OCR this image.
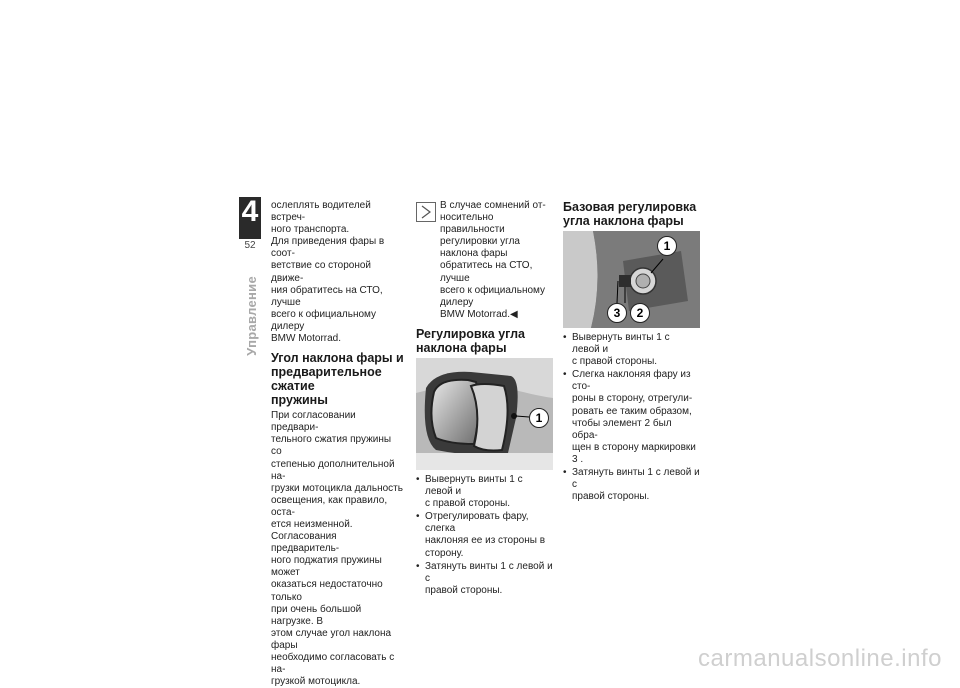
4
52
Управление

ослеплять водителей встреч-
ного транспорта.
Для приведения фары в соот-
ветствие со стороной движе-
ния обратитесь на СТО, лучше
всего к официальному дилеру
BMW Motorrad.

Угол наклона фары и
предварительное сжатие
пружины

При согласовании предвари-
тельного сжатия пружины со
степенью дополнительной на-
грузки мотоцикла дальность
освещения, как правило, оста-
ется неизменной.
Согласования предваритель-
ного поджатия пружины может
оказаться недостаточно только
при очень большой нагрузке. В
этом случае угол наклона фары
необходимо согласовать с на-
грузкой мотоцикла.

В случае сомнений от-
носительно правильности
регулировки угла наклона фары
обратитесь на СТО, лучше
всего к официальному дилеру
BMW Motorrad.◀

Регулировка угла
наклона фары
1
• Вывернуть винты 1 с левой и
с правой стороны.
• Отрегулировать фару, слегка
наклоняя ее из стороны в
сторону.
• Затянуть винты 1 с левой и с
правой стороны.
Базовая регулировка
угла наклона фары
1
3	2
• Вывернуть винты 1 с левой и
с правой стороны.
• Слегка наклоняя фару из сто-
роны в сторону, отрегули-
ровать ее таким образом,
чтобы элемент 2 был обра-
щен в сторону маркировки 3 .
• Затянуть винты 1 с левой и с
правой стороны.
carmanualsonline.info
